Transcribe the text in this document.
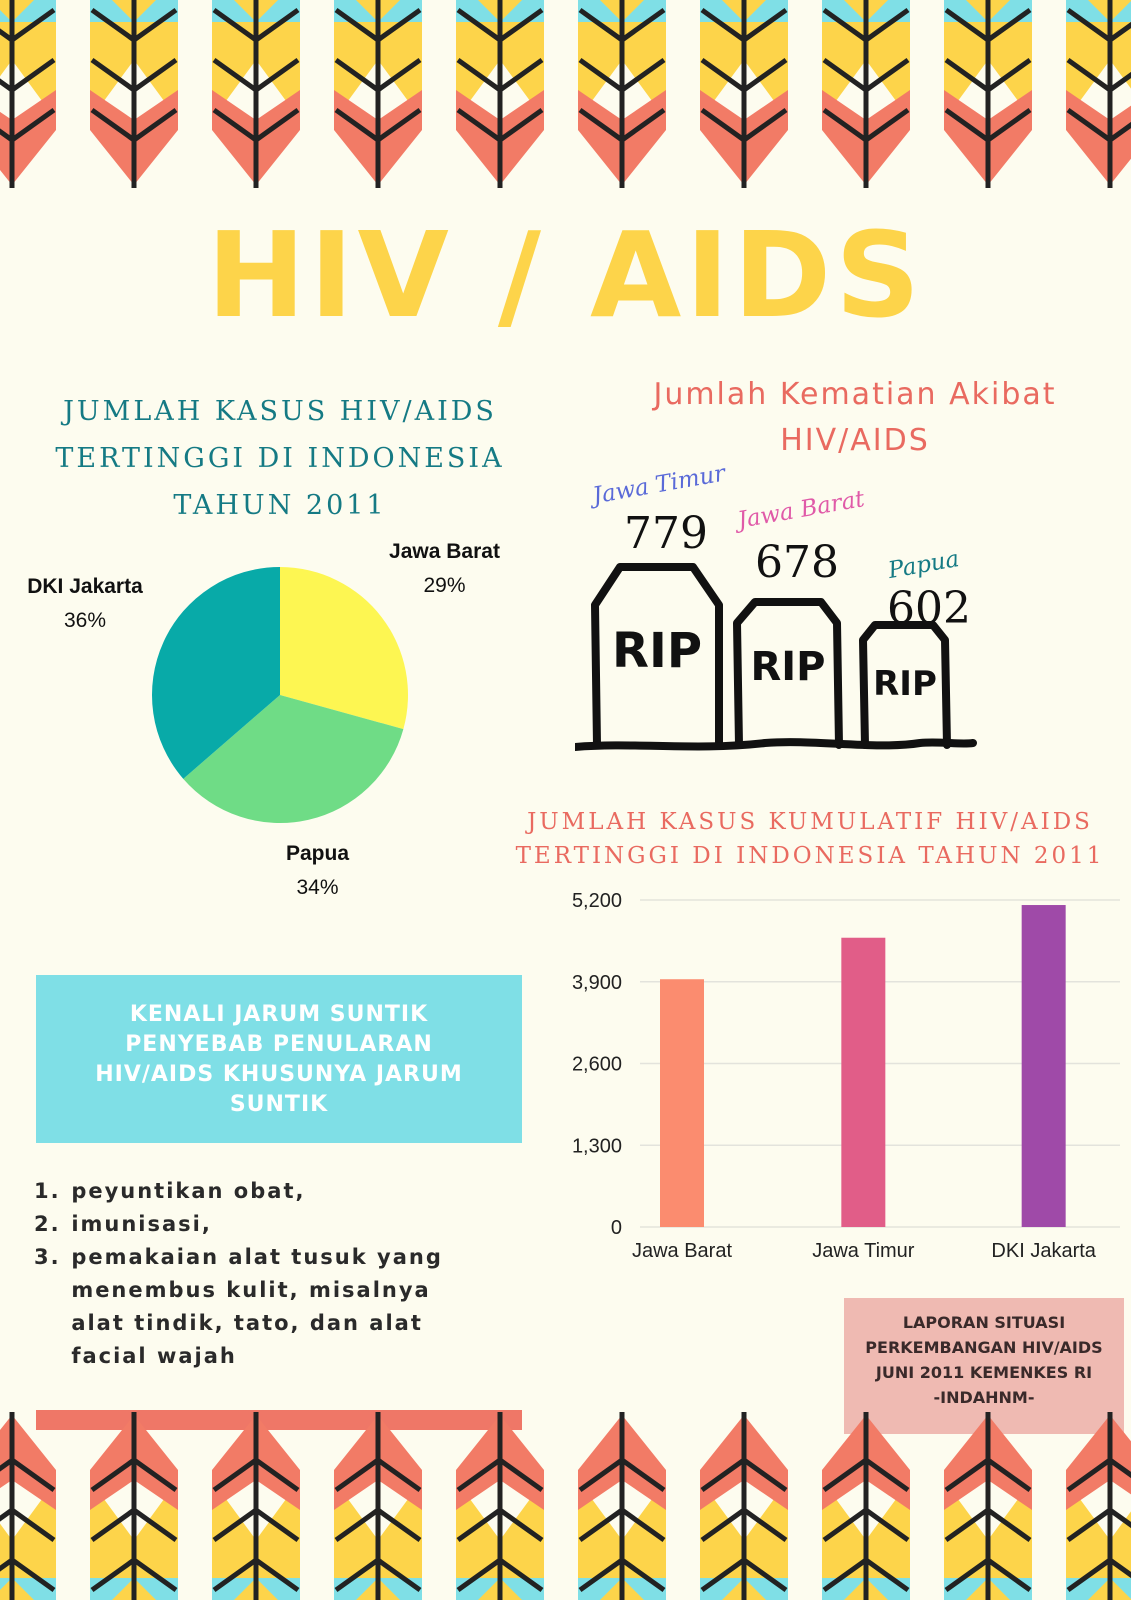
HIV / AIDS
JUMLAH KASUS HIV/AIDS
TERTINGGI DI INDONESIA
TAHUN 2011
Jawa Barat
29%
DKI Jakarta
36%
Papua
34%
Jumlah Kematian Akibat
HIV/AIDS
Jawa Timur
779 Jawa Barat
678 Papua
602
RIP RIP RIP
JUMLAH KASUS KUMULATIF HIV/AIDS
TERTINGGI DI INDONESIA TAHUN 2011
0
1,300
2,600
3,900
5,200
Jawa Barat	Jawa Timur	DKI Jakarta
KENALI JARUM SUNTIK
PENYEBAB PENULARAN
HIV/AIDS KHUSUNYA JARUM
SUNTIK
1. peyuntikan obat,
2. imunisasi,
3. pemakaian alat tusuk yang menembus kulit, misalnya alat tindik, tato, dan alat facial wajah
LAPORAN SITUASI
PERKEMBANGAN HIV/AIDS
JUNI 2011 KEMENKES RI
-INDAHNM-
